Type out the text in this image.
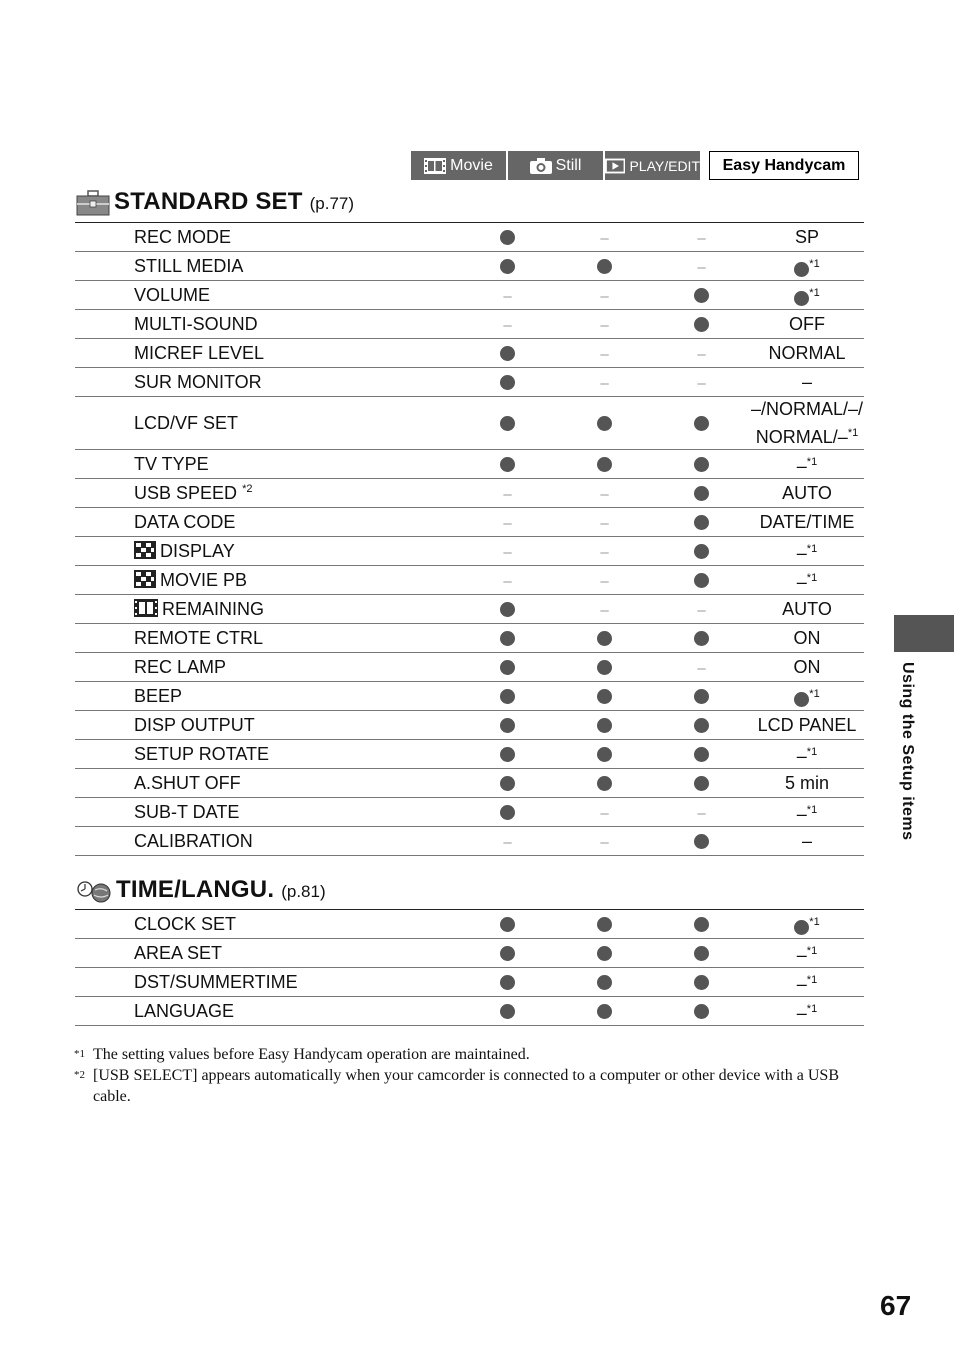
Movie	Still	PLAY/EDIT	Easy Handycam
STANDARD SET (p.77)
REC MODE		–	–	SP
STILL MEDIA			–	$^{*1}$
VOLUME	–	–		$^{*1}$
MULTI-SOUND	–	–		OFF
MICREF LEVEL		–	–	NORMAL
SUR MONITOR		–	–	–
LCD/VF SET				–/NORMAL/–/
NORMAL/–$^{*1}$
TV TYPE				–$^{*1}$
USB SPEED $^{*2}$	–	–		AUTO
DATA CODE	–	–		DATE/TIME
DISPLAY	–	–		–$^{*1}$
MOVIE PB	–	–		–$^{*1}$
REMAINING		–	–	AUTO
REMOTE CTRL				ON
REC LAMP			–	ON
BEEP				$^{*1}$
DISP OUTPUT				LCD PANEL
SETUP ROTATE				–$^{*1}$
A.SHUT OFF				5 min
SUB-T DATE		–	–	–$^{*1}$
CALIBRATION	–	–		–
TIME/LANGU. (p.81)
CLOCK SET				$^{*1}$
AREA SET				–$^{*1}$
DST/SUMMERTIME				–$^{*1}$
LANGUAGE				–$^{*1}$
*1 The setting values before Easy Handycam operation are maintained.
*2 [USB SELECT] appears automatically when your camcorder is connected to a computer or other device with a USB cable.
Using the Setup items
67
